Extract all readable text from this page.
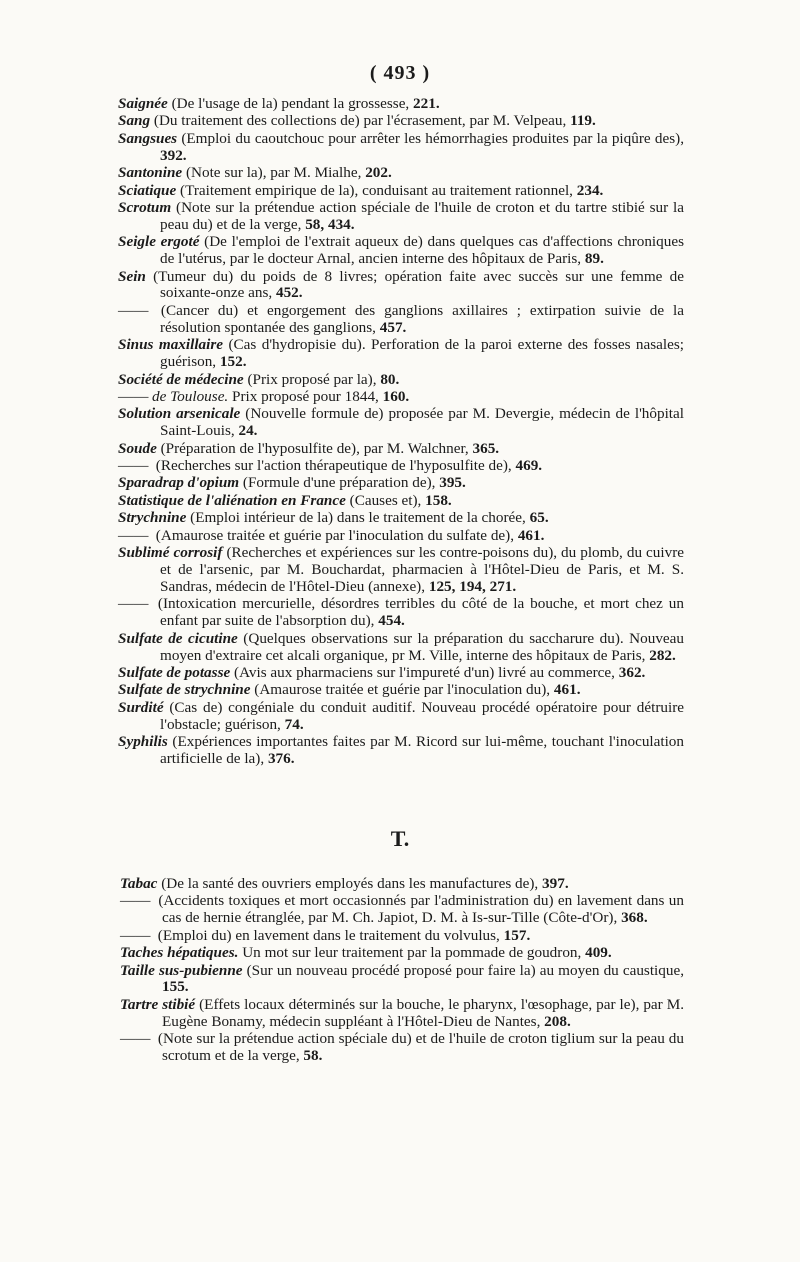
( 493 )

Saignée (De l'usage de la) pendant la grossesse, 221.

Sang (Du traitement des collections de) par l'écrasement, par M. Velpeau, 119.

Sangsues (Emploi du caoutchouc pour arrêter les hémorrhagies produites par la piqûre des), 392.

Santonine (Note sur la), par M. Mialhe, 202.

Sciatique (Traitement empirique de la), conduisant au traitement rationnel, 234.

Scrotum (Note sur la prétendue action spéciale de l'huile de croton et du tartre stibié sur la peau du) et de la verge, 58, 434.

Seigle ergoté (De l'emploi de l'extrait aqueux de) dans quelques cas d'affections chroniques de l'utérus, par le docteur Arnal, ancien interne des hôpitaux de Paris, 89.

Sein (Tumeur du) du poids de 8 livres; opération faite avec succès sur une femme de soixante-onze ans, 452.

—— (Cancer du) et engorgement des ganglions axillaires ; extirpation suivie de la résolution spontanée des ganglions, 457.

Sinus maxillaire (Cas d'hydropisie du). Perforation de la paroi externe des fosses nasales; guérison, 152.

Société de médecine (Prix proposé par la), 80.

—— de Toulouse. Prix proposé pour 1844, 160.

Solution arsenicale (Nouvelle formule de) proposée par M. Devergie, médecin de l'hôpital Saint-Louis, 24.

Soude (Préparation de l'hyposulfite de), par M. Walchner, 365.

—— (Recherches sur l'action thérapeutique de l'hyposulfite de), 469.

Sparadrap d'opium (Formule d'une préparation de), 395.

Statistique de l'aliénation en France (Causes et), 158.

Strychnine (Emploi intérieur de la) dans le traitement de la chorée, 65.

—— (Amaurose traitée et guérie par l'inoculation du sulfate de), 461.

Sublimé corrosif (Recherches et expériences sur les contre-poisons du), du plomb, du cuivre et de l'arsenic, par M. Bouchardat, pharmacien à l'Hôtel-Dieu de Paris, et M. S. Sandras, médecin de l'Hôtel-Dieu (annexe), 125, 194, 271.

—— (Intoxication mercurielle, désordres terribles du côté de la bouche, et mort chez un enfant par suite de l'absorption du), 454.

Sulfate de cicutine (Quelques observations sur la préparation du saccharure du). Nouveau moyen d'extraire cet alcali organique, pr M. Ville, interne des hôpitaux de Paris, 282.

Sulfate de potasse (Avis aux pharmaciens sur l'impureté d'un) livré au commerce, 362.

Sulfate de strychnine (Amaurose traitée et guérie par l'inoculation du), 461.

Surdité (Cas de) congéniale du conduit auditif. Nouveau procédé opératoire pour détruire l'obstacle; guérison, 74.

Syphilis (Expériences importantes faites par M. Ricord sur lui-même, touchant l'inoculation artificielle de la), 376.

T.

Tabac (De la santé des ouvriers employés dans les manufactures de), 397.

—— (Accidents toxiques et mort occasionnés par l'administration du) en lavement dans un cas de hernie étranglée, par M. Ch. Japiot, D. M. à Is-sur-Tille (Côte-d'Or), 368.

—— (Emploi du) en lavement dans le traitement du volvulus, 157.

Taches hépatiques. Un mot sur leur traitement par la pommade de goudron, 409.

Taille sus-pubienne (Sur un nouveau procédé proposé pour faire la) au moyen du caustique, 155.

Tartre stibié (Effets locaux déterminés sur la bouche, le pharynx, l'œsophage, par le), par M. Eugène Bonamy, médecin suppléant à l'Hôtel-Dieu de Nantes, 208.

—— (Note sur la prétendue action spéciale du) et de l'huile de croton tiglium sur la peau du scrotum et de la verge, 58.
